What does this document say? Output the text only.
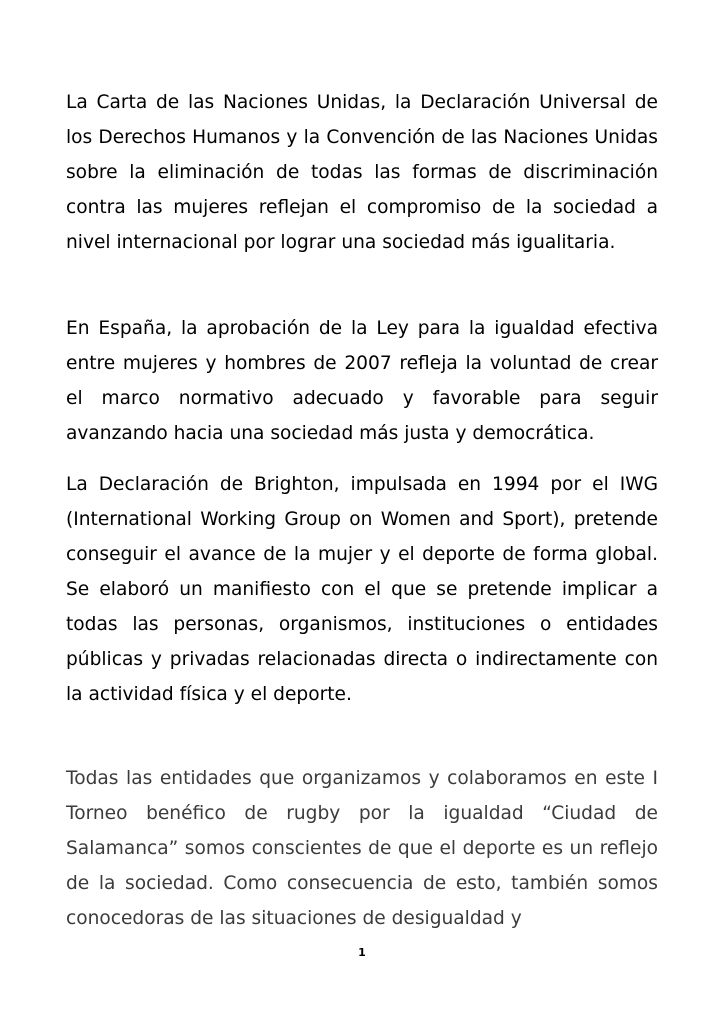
La Carta de las Naciones Unidas, la Declaración Universal de los Derechos Humanos y la Convención de las Naciones Unidas sobre la eliminación de todas las formas de discriminación contra las mujeres reflejan el compromiso de la sociedad a nivel internacional por lograr una sociedad más igualitaria.

En España, la aprobación de la Ley para la igualdad efectiva entre mujeres y hombres de 2007 refleja la voluntad de crear el marco normativo adecuado y favorable para seguir avanzando hacia una sociedad más justa y democrática.

La Declaración de Brighton, impulsada en 1994 por el IWG (International Working Group on Women and Sport), pretende conseguir el avance de la mujer y el deporte de forma global. Se elaboró un manifiesto con el que se pretende implicar a todas las personas, organismos, instituciones o entidades públicas y privadas relacionadas directa o indirectamente con la actividad física y el deporte.

Todas las entidades que organizamos y colaboramos en este I Torneo benéfico de rugby por la igualdad “Ciudad de Salamanca” somos conscientes de que el deporte es un reflejo de la sociedad. Como consecuencia de esto, también somos conocedoras de las situaciones de desigualdad y

1
